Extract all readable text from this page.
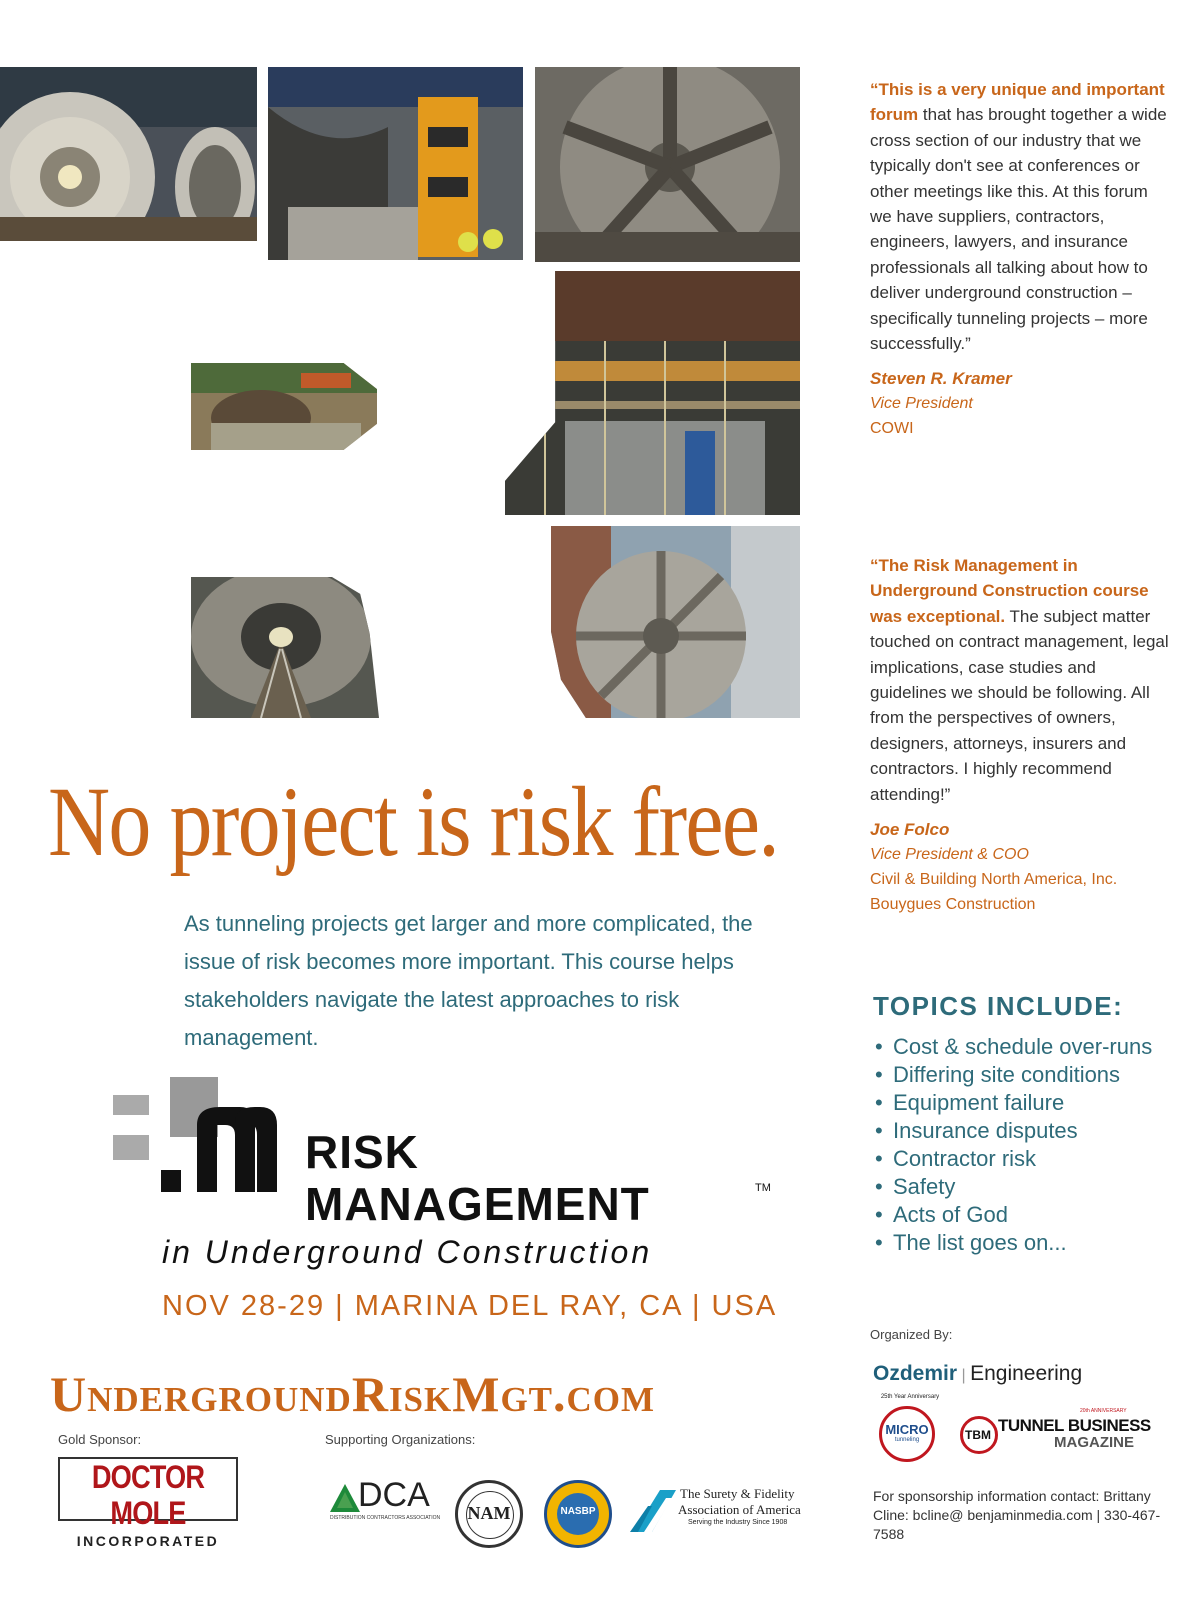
No project is risk free.
As tunneling projects get larger and more complicated, the issue of risk becomes more important. This course helps stakeholders navigate the latest approaches to risk management.
RISK
MANAGEMENT	TM
in Underground Construction
NOV 28-29 | MARINA DEL RAY, CA | USA
UndergroundRiskMgt.com
Gold Sponsor:
DOCTOR MOLE
INCORPORATED
Supporting Organizations:
DCA
DISTRIBUTION CONTRACTORS ASSOCIATION	NAM	NASBP
The Surety & Fidelity
Association of America
Serving the Industry Since 1908
“This is a very unique and important forum that has brought together a wide cross section of our industry that we typically don't see at conferences or other meetings like this. At this forum we have suppliers, contractors, engineers, lawyers, and insurance professionals all talking about how to deliver underground construction – specifically tunneling projects – more successfully.”
Steven R. Kramer
Vice President
COWI
“The Risk Management in Underground Construction course was exceptional. The subject matter touched on contract management, legal implications, case studies and guidelines we should be following. All from the perspectives of owners, designers, attorneys, insurers and contractors. I highly recommend attending!”
Joe Folco
Vice President & COO
Civil & Building North America, Inc.
Bouygues Construction
TOPICS INCLUDE:
• Cost & schedule over-runs
• Differing site conditions
• Equipment failure
• Insurance disputes
• Contractor risk
• Safety
• Acts of God
• The list goes on...
Organized By:
Ozdemir | Engineering
25th Year Anniversary
MICRO
tunneling	TBM
20th ANNIVERSARY
TUNNEL BUSINESS
MAGAZINE
For sponsorship information contact: Brittany Cline: bcline@ benjaminmedia.com | 330-467-7588
